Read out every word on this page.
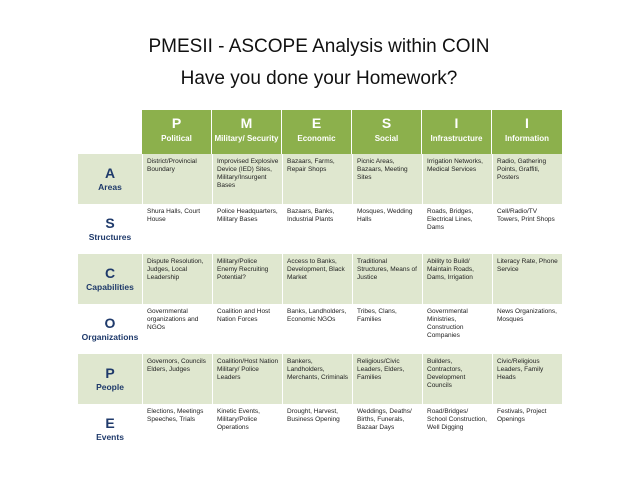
PMESII - ASCOPE Analysis within COIN
Have you done your Homework?
P
Political
M
Military/ Security
E
Economic
S
Social
I
Infrastructure
I
Information
A
Areas
District/Provincial Boundary
Improvised Explosive Device (IED) Sites, Military/Insurgent Bases
Bazaars, Farms, Repair Shops
Picnic Areas, Bazaars, Meeting Sites
Irrigation Networks, Medical Services
Radio, Gathering Points, Graffiti, Posters
S
Structures
Shura Halls, Court House
Police Headquarters, Military Bases
Bazaars, Banks, Industrial Plants
Mosques, Wedding Halls
Roads, Bridges, Electrical Lines, Dams
Cell/Radio/TV Towers, Print Shops
C
Capabilities
Dispute Resolution, Judges, Local Leadership
Military/Police Enemy Recruiting Potential?
Access to Banks, Development, Black Market
Traditional Structures, Means of Justice
Ability to Build/ Maintain Roads, Dams, Irrigation
Literacy Rate, Phone Service
O
Organizations
Governmental organizations and NGOs
Coalition and Host Nation Forces
Banks, Landholders, Economic NGOs
Tribes, Clans, Families
Governmental Ministries, Construction Companies
News Organizations, Mosques
P
People
Governors, Councils Elders, Judges
Coalition/Host Nation Military/ Police Leaders
Bankers, Landholders, Merchants, Criminals
Religious/Civic Leaders, Elders, Families
Builders, Contractors, Development Councils
Civic/Religious Leaders, Family Heads
E
Events
Elections, Meetings Speeches, Trials
Kinetic Events, Military/Police Operations
Drought, Harvest, Business Opening
Weddings, Deaths/ Births, Funerals, Bazaar Days
Road/Bridges/ School Construction, Well Digging
Festivals, Project Openings
